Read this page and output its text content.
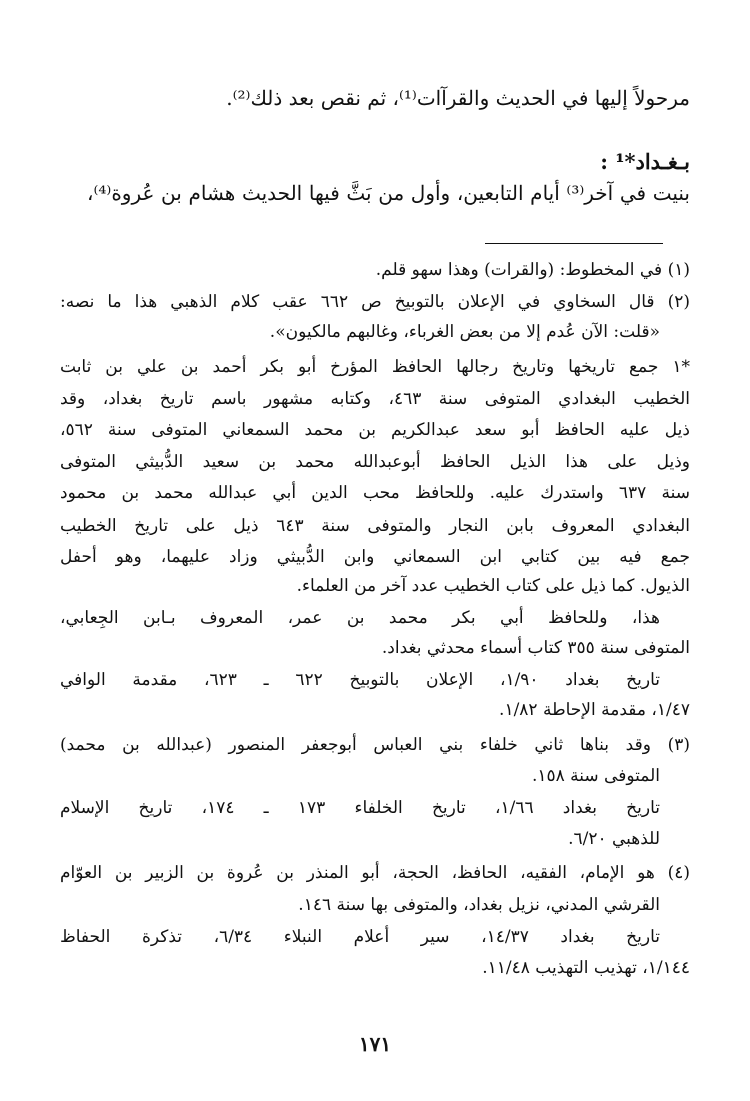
مرحولاً إليها في الحديث والقرآات⁽¹⁾، ثم نقص بعد ذلك⁽²⁾.
بـغـداد*¹ :
بنيت في آخر⁽³⁾ أيام التابعين، وأول من بَثَّ فيها الحديث هشام بن عُروة⁽⁴⁾،
(١) في المخطوط: (والقرات) وهذا سهو قلم.
(٢) قال السخاوي في الإعلان بالتوبيخ ص ٦٦٢ عقب كلام الذهبي هذا ما نصه:
«قلت: الآن عُدم إلا من بعض الغرباء، وغالبهم مالكيون».
*١ جمع تاريخها وتاريخ رجالها الحافظ المؤرخ أبو بكر أحمد بن علي بن ثابت
الخطيب البغدادي المتوفى سنة ٤٦٣، وكتابه مشهور باسم تاريخ بغداد، وقد
ذيل عليه الحافظ أبو سعد عبدالكريم بن محمد السمعاني المتوفى سنة ٥٦٢،
وذيل على هذا الذيل الحافظ أبوعبدالله محمد بن سعيد الدُّبيثي المتوفى
سنة ٦٣٧ واستدرك عليه. وللحافظ محب الدين أبي عبدالله محمد بن محمود
البغدادي المعروف بابن النجار والمتوفى سنة ٦٤٣ ذيل على تاريخ الخطيب
جمع فيه بين كتابي ابن السمعاني وابن الدُّبيثي وزاد عليهما، وهو أحفل
الذيول. كما ذيل على كتاب الخطيب عدد آخر من العلماء.
هذا، وللحافظ أبي بكر محمد بن عمر، المعروف بـابن الجِعابي،
المتوفى سنة ٣٥٥ كتاب أسماء محدثي بغداد.
تاريخ بغداد ١/٩٠، الإعلان بالتوبيخ ٦٢٢ ـ ٦٢٣، مقدمة الوافي
١/٤٧، مقدمة الإحاطة ١/٨٢.
(٣) وقد بناها ثاني خلفاء بني العباس أبوجعفر المنصور (عبدالله بن محمد)
المتوفى سنة ١٥٨.
تاريخ بغداد ١/٦٦، تاريخ الخلفاء ١٧٣ ـ ١٧٤، تاريخ الإسلام
للذهبي ٦/٢٠.
(٤) هو الإمام، الفقيه، الحافظ، الحجة، أبو المنذر بن عُروة بن الزبير بن العوّام
القرشي المدني، نزيل بغداد، والمتوفى بها سنة ١٤٦.
تاريخ بغداد ١٤/٣٧، سير أعلام النبلاء ٦/٣٤، تذكرة الحفاظ
١/١٤٤، تهذيب التهذيب ١١/٤٨.
١٧١
